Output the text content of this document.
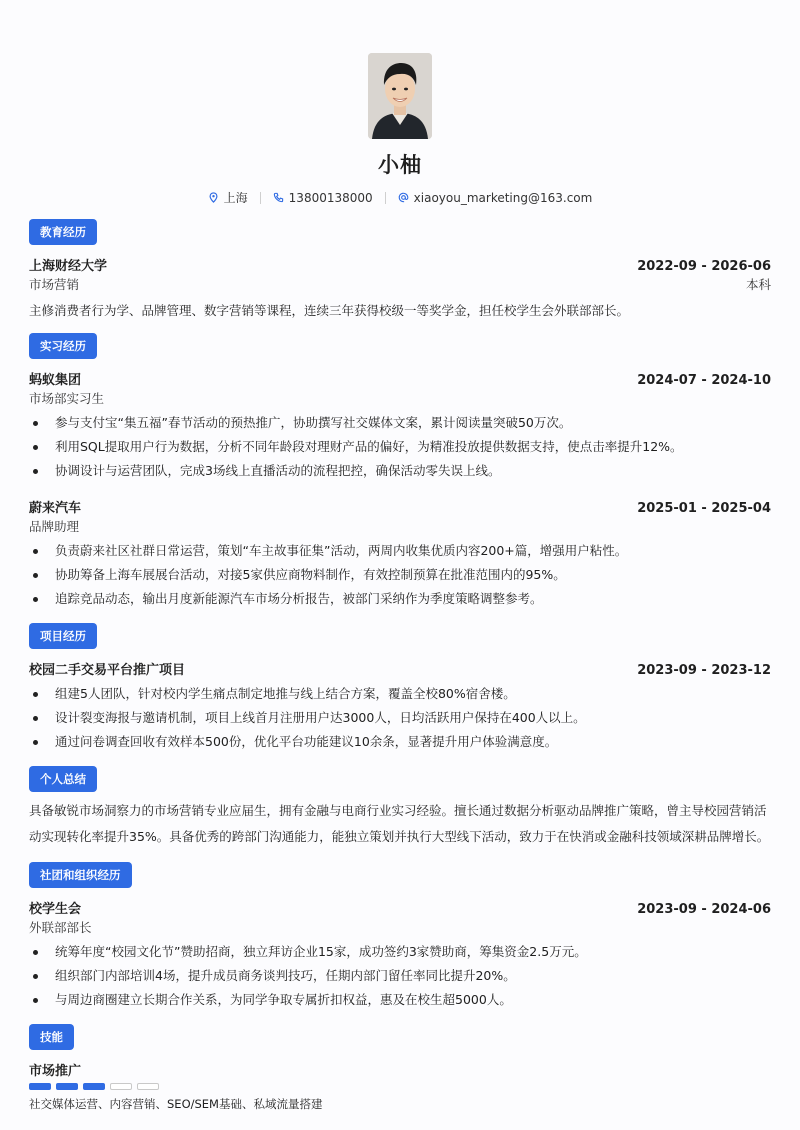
小柚
上海	13800138000	xiaoyou_marketing@163.com
教育经历
上海财经大学	2022-09 - 2026-06
市场营销	本科
主修消费者行为学、品牌管理、数字营销等课程，连续三年获得校级一等奖学金，担任校学生会外联部部长。
实习经历
蚂蚁集团	2024-07 - 2024-10
市场部实习生
参与支付宝“集五福”春节活动的预热推广，协助撰写社交媒体文案，累计阅读量突破50万次。
利用SQL提取用户行为数据，分析不同年龄段对理财产品的偏好，为精准投放提供数据支持，使点击率提升12%。
协调设计与运营团队，完成3场线上直播活动的流程把控，确保活动零失误上线。
蔚来汽车	2025-01 - 2025-04
品牌助理
负责蔚来社区社群日常运营，策划“车主故事征集”活动，两周内收集优质内容200+篇，增强用户粘性。
协助筹备上海车展展台活动，对接5家供应商物料制作，有效控制预算在批准范围内的95%。
追踪竞品动态，输出月度新能源汽车市场分析报告，被部门采纳作为季度策略调整参考。
项目经历
校园二手交易平台推广项目	2023-09 - 2023-12
组建5人团队，针对校内学生痛点制定地推与线上结合方案，覆盖全校80%宿舍楼。
设计裂变海报与邀请机制，项目上线首月注册用户达3000人，日均活跃用户保持在400人以上。
通过问卷调查回收有效样本500份，优化平台功能建议10余条，显著提升用户体验满意度。
个人总结
具备敏锐市场洞察力的市场营销专业应届生，拥有金融与电商行业实习经验。擅长通过数据分析驱动品牌推广策略，曾主导校园营销活动实现转化率提升35%。具备优秀的跨部门沟通能力，能独立策划并执行大型线下活动，致力于在快消或金融科技领域深耕品牌增长。
社团和组织经历
校学生会	2023-09 - 2024-06
外联部部长
统筹年度“校园文化节”赞助招商，独立拜访企业15家，成功签约3家赞助商，筹集资金2.5万元。
组织部门内部培训4场，提升成员商务谈判技巧，任期内部门留任率同比提升20%。
与周边商圈建立长期合作关系，为同学争取专属折扣权益，惠及在校生超5000人。
技能
市场推广
社交媒体运营、内容营销、SEO/SEM基础、私域流量搭建
